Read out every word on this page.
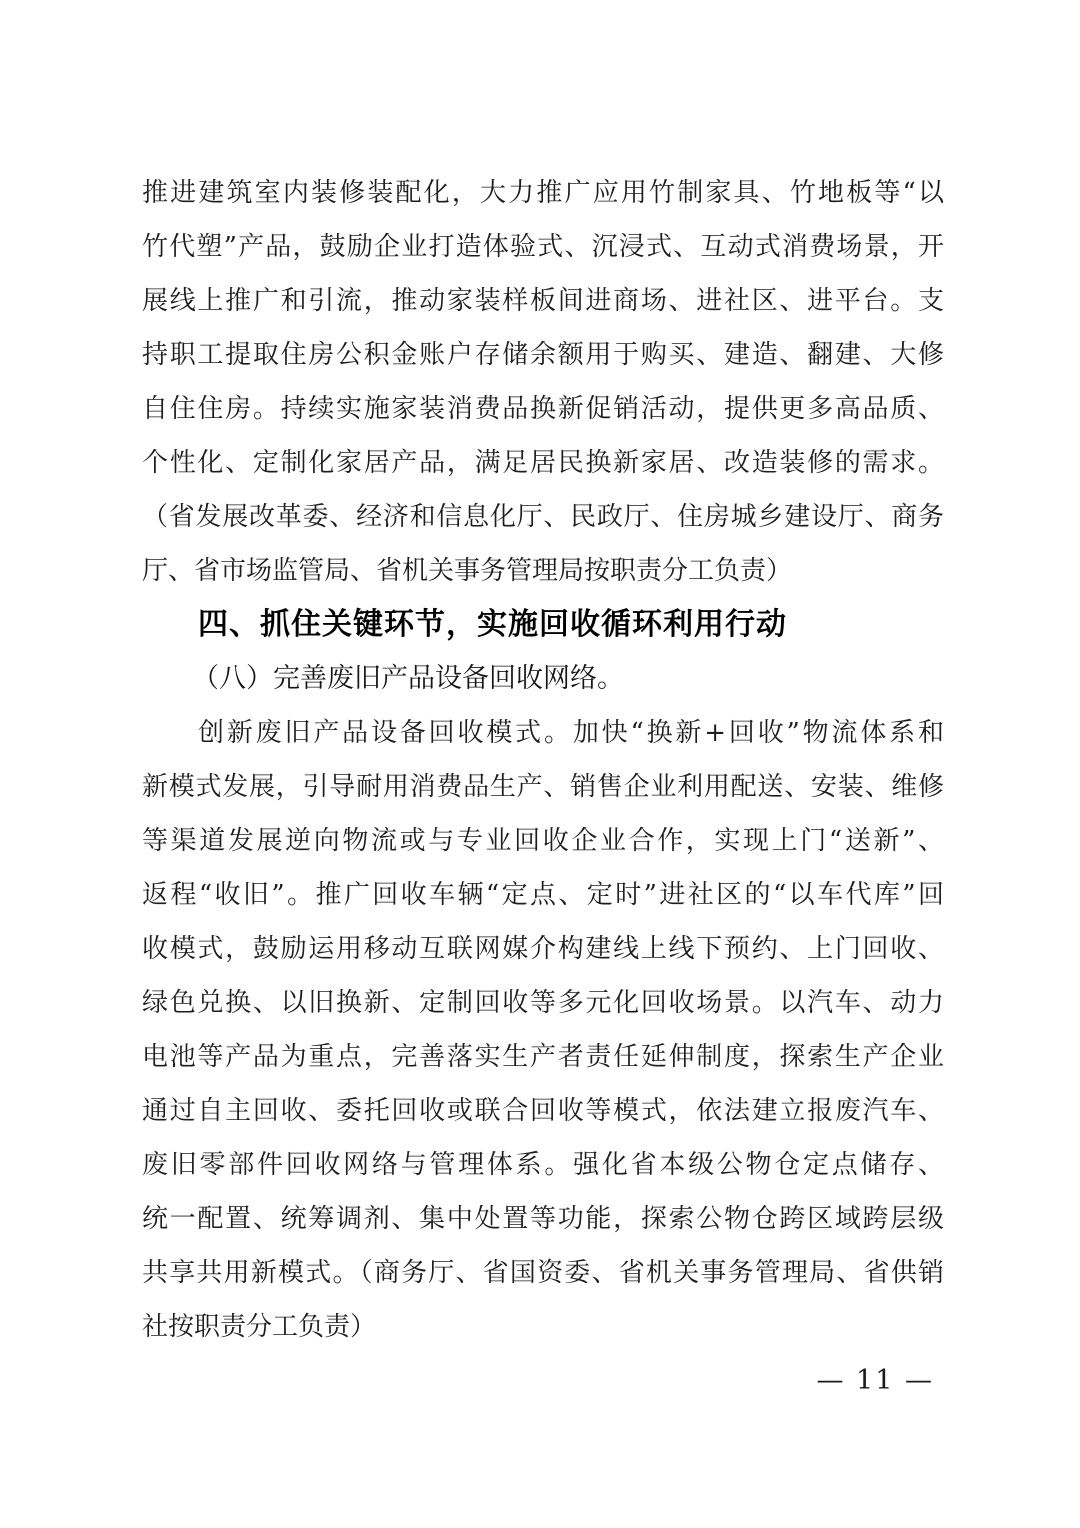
推进建筑室内装修装配化，大力推广应用竹制家具、竹地板等“以
竹代塑”产品，鼓励企业打造体验式、沉浸式、互动式消费场景，开
展线上推广和引流，推动家装样板间进商场、进社区、进平台。支
持职工提取住房公积金账户存储余额用于购买、建造、翻建、大修
自住住房。持续实施家装消费品换新促销活动，提供更多高品质、
个性化、定制化家居产品，满足居民换新家居、改造装修的需求。
（省发展改革委、经济和信息化厅、民政厅、住房城乡建设厅、商务
厅、省市场监管局、省机关事务管理局按职责分工负责）
四、抓住关键环节，实施回收循环利用行动
（八）完善废旧产品设备回收网络。
创新废旧产品设备回收模式。加快“换新+回收”物流体系和
新模式发展，引导耐用消费品生产、销售企业利用配送、安装、维修
等渠道发展逆向物流或与专业回收企业合作，实现上门“送新”、
返程“收旧”。推广回收车辆“定点、定时”进社区的“以车代库”回
收模式，鼓励运用移动互联网媒介构建线上线下预约、上门回收、
绿色兑换、以旧换新、定制回收等多元化回收场景。以汽车、动力
电池等产品为重点，完善落实生产者责任延伸制度，探索生产企业
通过自主回收、委托回收或联合回收等模式，依法建立报废汽车、
废旧零部件回收网络与管理体系。强化省本级公物仓定点储存、
统一配置、统筹调剂、集中处置等功能，探索公物仓跨区域跨层级
共享共用新模式。（商务厅、省国资委、省机关事务管理局、省供销
社按职责分工负责）
— 11 —
